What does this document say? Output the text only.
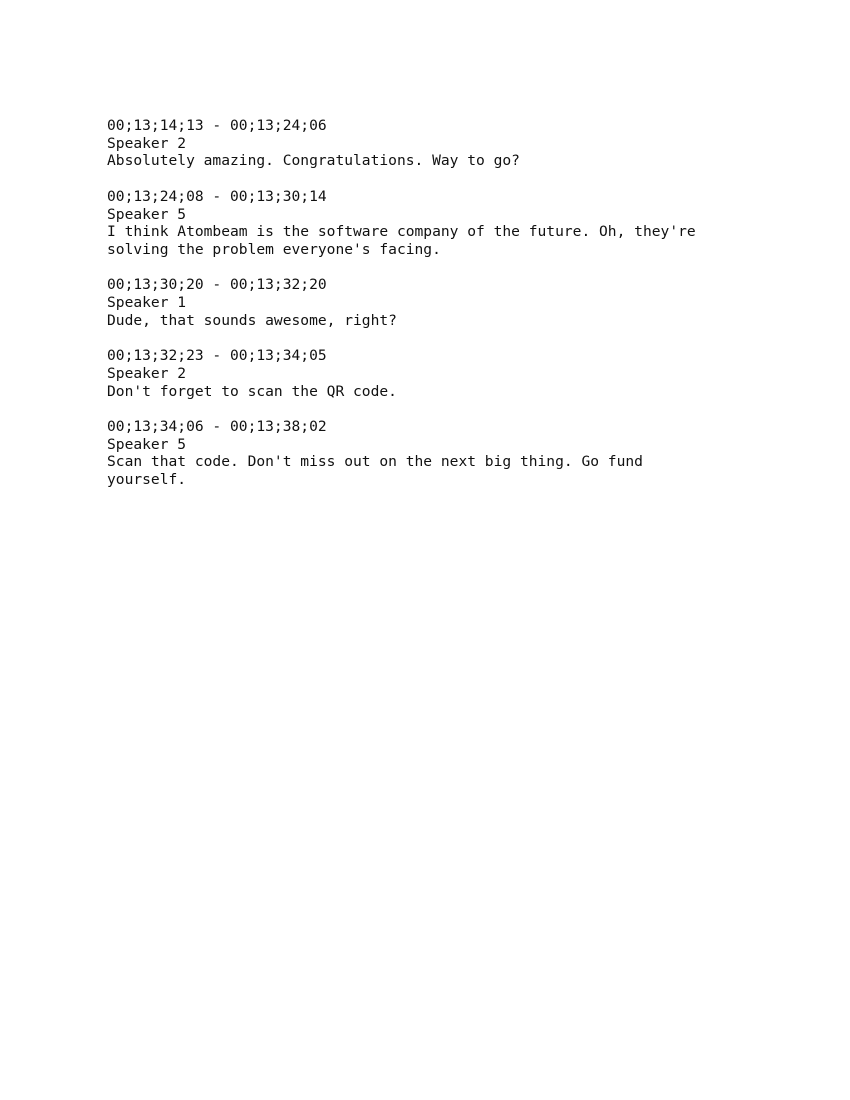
00;13;14;13 - 00;13;24;06
Speaker 2
Absolutely amazing. Congratulations. Way to go?
00;13;24;08 - 00;13;30;14
Speaker 5
I think Atombeam is the software company of the future. Oh, they're solving the problem everyone's facing.
00;13;30;20 - 00;13;32;20
Speaker 1
Dude, that sounds awesome, right?
00;13;32;23 - 00;13;34;05
Speaker 2
Don't forget to scan the QR code.
00;13;34;06 - 00;13;38;02
Speaker 5
Scan that code. Don't miss out on the next big thing. Go fund yourself.
